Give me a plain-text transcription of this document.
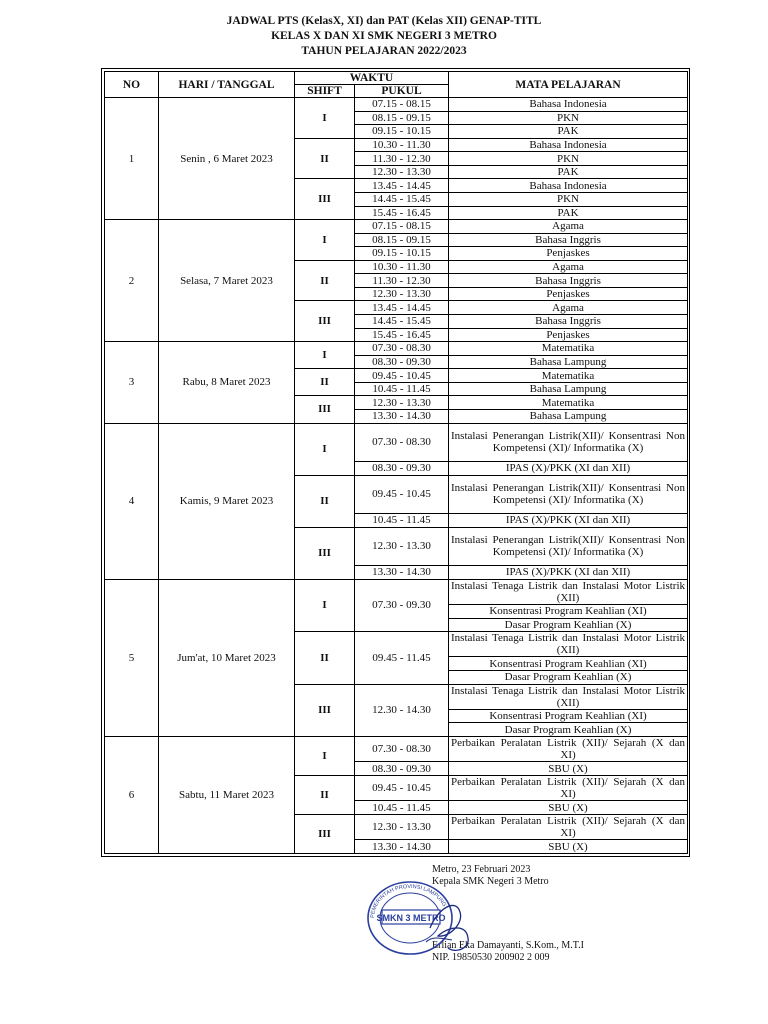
JADWAL PTS (KelasX, XI) dan PAT (Kelas XII) GENAP-TITL
KELAS X DAN XI SMK NEGERI 3 METRO
TAHUN PELAJARAN 2022/2023
NO	HARI / TANGGAL	WAKTU		MATA PELAJARAN
		SHIFT	PUKUL	
1	Senin , 6 Maret 2023	I	07.15 - 08.15	Bahasa Indonesia
			08.15 - 09.15	PKN
			09.15 - 10.15	PAK
		II	10.30 - 11.30	Bahasa Indonesia
			11.30 - 12.30	PKN
			12.30 - 13.30	PAK
		III	13.45 - 14.45	Bahasa Indonesia
			14.45 - 15.45	PKN
			15.45 - 16.45	PAK
2	Selasa, 7 Maret 2023	I	07.15 - 08.15	Agama
			08.15 - 09.15	Bahasa Inggris
			09.15 - 10.15	Penjaskes
		II	10.30 - 11.30	Agama
			11.30 - 12.30	Bahasa Inggris
			12.30 - 13.30	Penjaskes
		III	13.45 - 14.45	Agama
			14.45 - 15.45	Bahasa Inggris
			15.45 - 16.45	Penjaskes
3	Rabu, 8 Maret 2023	I	07.30 - 08.30	Matematika
			08.30 - 09.30	Bahasa Lampung
		II	09.45 - 10.45	Matematika
			10.45 - 11.45	Bahasa Lampung
		III	12.30 - 13.30	Matematika
			13.30 - 14.30	Bahasa Lampung
4	Kamis, 9 Maret 2023	I	07.30 - 08.30	Instalasi Penerangan Listrik(XII)/ Konsentrasi Non Kompetensi (XI)/ Informatika (X)
			08.30 - 09.30	IPAS (X)/PKK (XI dan XII)
		II	09.45 - 10.45	Instalasi Penerangan Listrik(XII)/ Konsentrasi Non Kompetensi (XI)/ Informatika (X)
			10.45 - 11.45	IPAS (X)/PKK (XI dan XII)
		III	12.30 - 13.30	Instalasi Penerangan Listrik(XII)/ Konsentrasi Non Kompetensi (XI)/ Informatika (X)
			13.30 - 14.30	IPAS (X)/PKK (XI dan XII)
5	Jum'at, 10 Maret 2023	I	07.30 - 09.30	Instalasi Tenaga Listrik dan Instalasi Motor Listrik (XII)
				Konsentrasi Program Keahlian (XI)
				Dasar Program Keahlian (X)
		II	09.45 - 11.45	Instalasi Tenaga Listrik dan Instalasi Motor Listrik (XII)
				Konsentrasi Program Keahlian (XI)
				Dasar Program Keahlian (X)
		III	12.30 - 14.30	Instalasi Tenaga Listrik dan Instalasi Motor Listrik (XII)
				Konsentrasi Program Keahlian (XI)
				Dasar Program Keahlian (X)
6	Sabtu, 11 Maret 2023	I	07.30 - 08.30	Perbaikan Peralatan Listrik (XII)/ Sejarah (X dan XI)
			08.30 - 09.30	SBU (X)
		II	09.45 - 10.45	Perbaikan Peralatan Listrik (XII)/ Sejarah (X dan XI)
			10.45 - 11.45	SBU (X)
		III	12.30 - 13.30	Perbaikan Peralatan Listrik (XII)/ Sejarah (X dan XI)
			13.30 - 14.30	SBU (X)
Metro, 23 Februari 2023
Kepala SMK Negeri 3 Metro
Erlian Eka Damayanti, S.Kom., M.T.I
NIP. 19850530 200902 2 009
PEMERINTAH PROVINSI LAMPUNG
SMKN 3 METRO
